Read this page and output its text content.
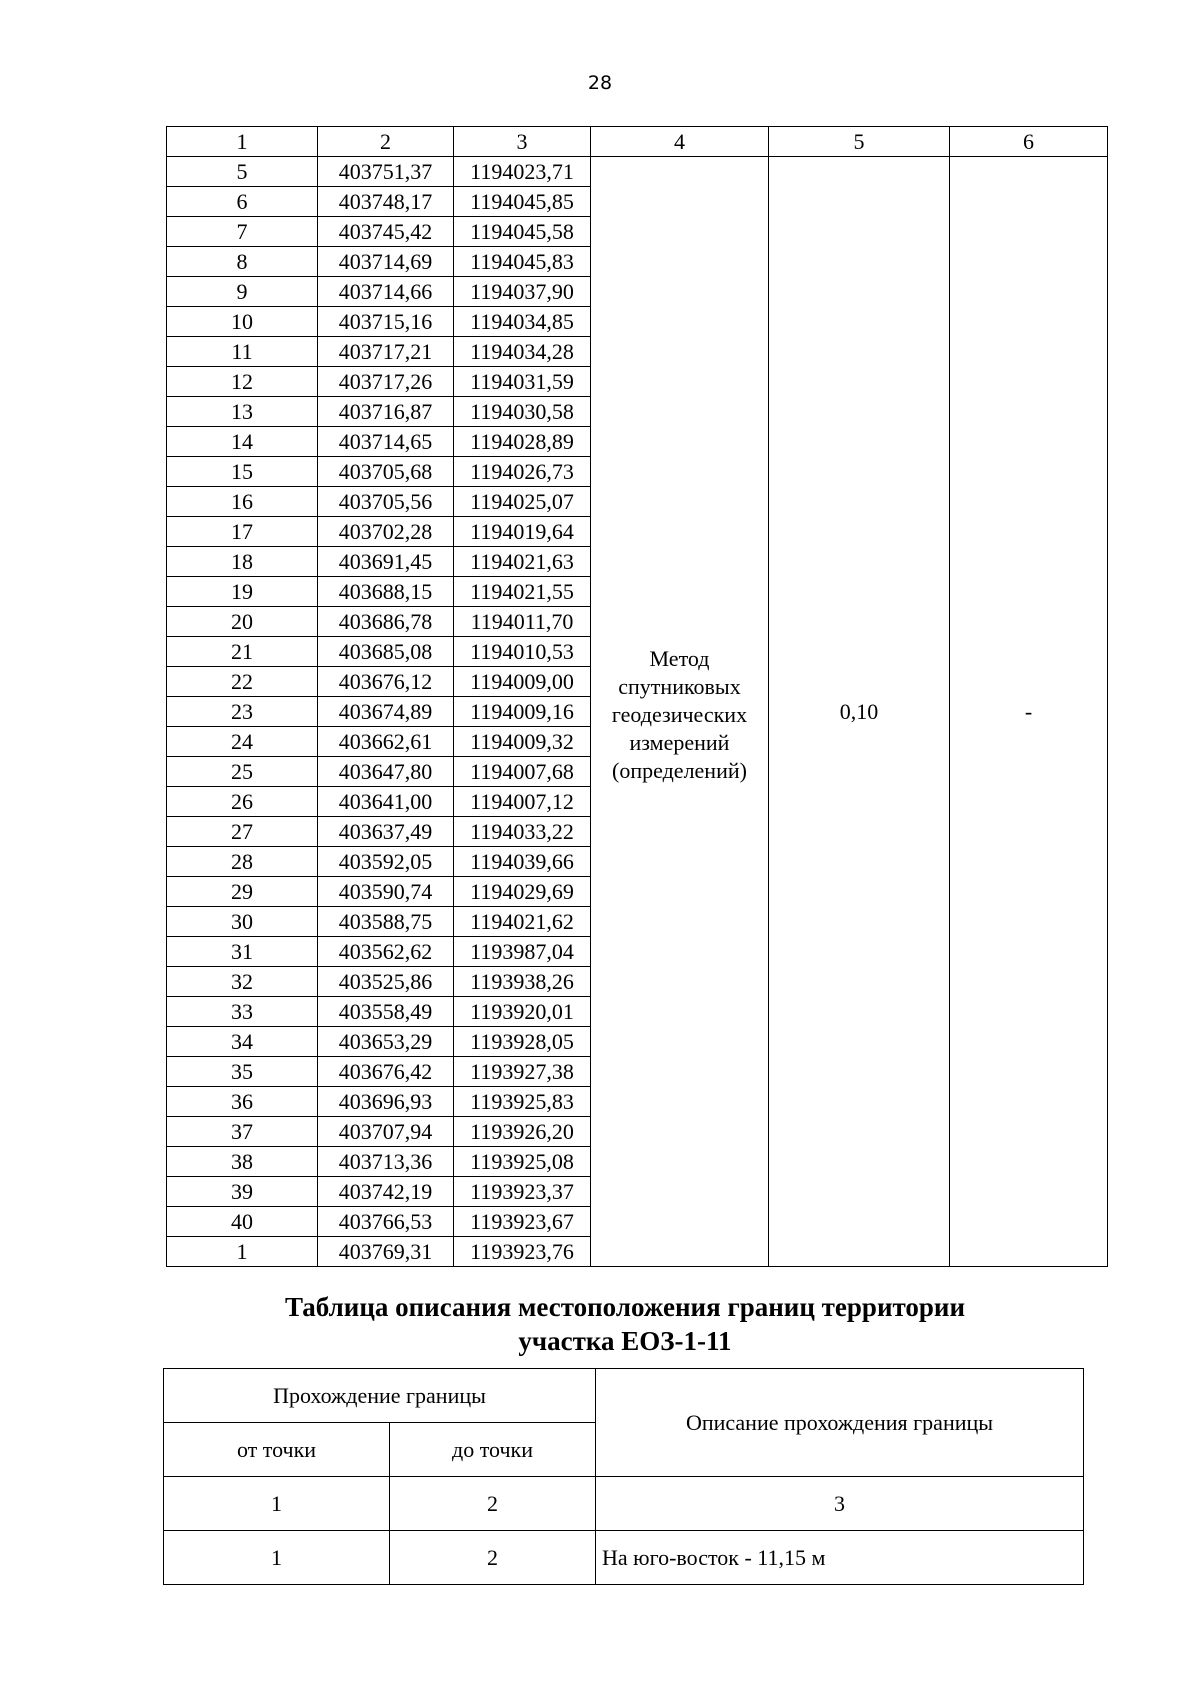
28
1	2	3	4	5	6
5	403751,37	1194023,71	Метод
спутниковых
геодезических
измерений
(определений)	0,10	-
6	403748,17	1194045,85			
7	403745,42	1194045,58			
8	403714,69	1194045,83			
9	403714,66	1194037,90			
10	403715,16	1194034,85			
11	403717,21	1194034,28			
12	403717,26	1194031,59			
13	403716,87	1194030,58			
14	403714,65	1194028,89			
15	403705,68	1194026,73			
16	403705,56	1194025,07			
17	403702,28	1194019,64			
18	403691,45	1194021,63			
19	403688,15	1194021,55			
20	403686,78	1194011,70			
21	403685,08	1194010,53			
22	403676,12	1194009,00			
23	403674,89	1194009,16			
24	403662,61	1194009,32			
25	403647,80	1194007,68			
26	403641,00	1194007,12			
27	403637,49	1194033,22			
28	403592,05	1194039,66			
29	403590,74	1194029,69			
30	403588,75	1194021,62			
31	403562,62	1193987,04			
32	403525,86	1193938,26			
33	403558,49	1193920,01			
34	403653,29	1193928,05			
35	403676,42	1193927,38			
36	403696,93	1193925,83			
37	403707,94	1193926,20			
38	403713,36	1193925,08			
39	403742,19	1193923,37			
40	403766,53	1193923,67			
1	403769,31	1193923,76			
Таблица описания местоположения границ территории
участка ЕОЗ-1-11
Прохождение границы		Описание прохождения границы
от точки	до точки	
1	2	3
1	2	На юго-восток - 11,15 м
